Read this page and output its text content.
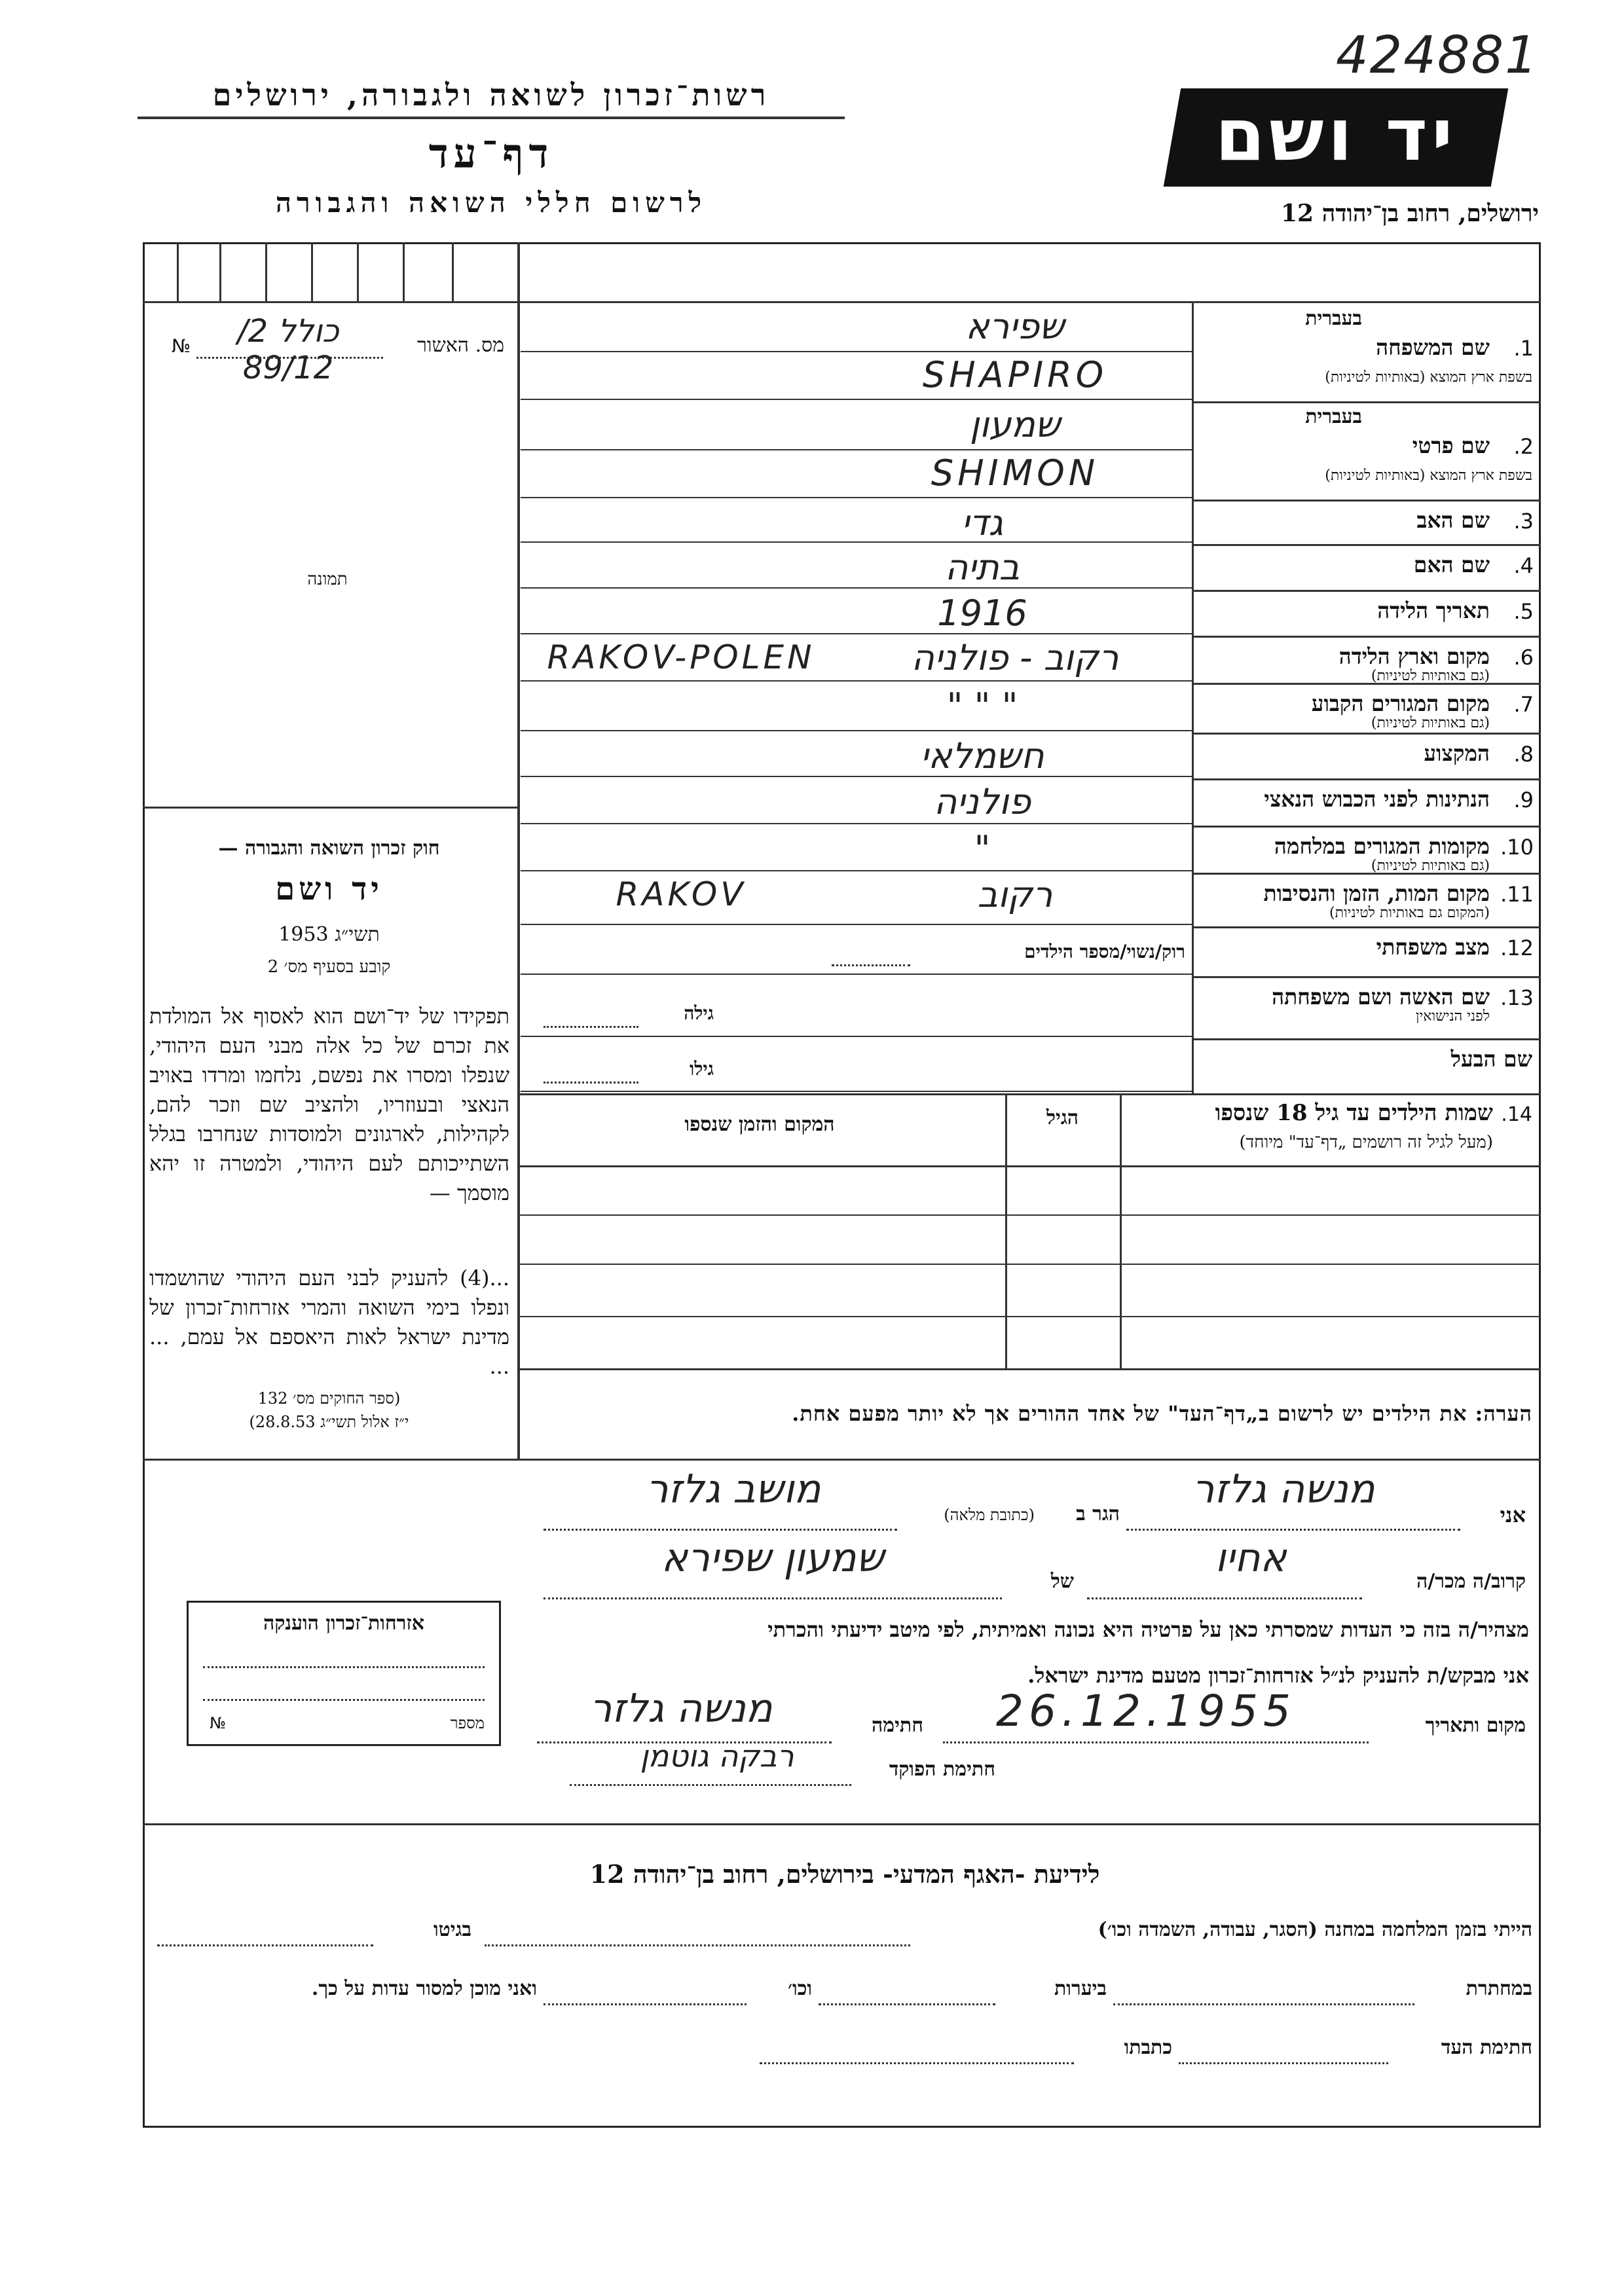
רשות־זכרון לשואה ולגבורה, ירושלים
דף־עד
לרשום חללי השואה והגבורה
יד ושם
424881
ירושלים, רחוב בן־יהודה 12
מס. האשור
№	כולל 2/ 89/12
תמונה
חוק זכרון השואה והגבורה —
יד ושם
תשי״ג 1953
קובע בסעיף מס׳ 2
תפקידו של יד־ושם הוא לאסוף אל המולדת את זכרם של כל אלה מבני העם היהודי, שנפלו ומסרו את נפשם, נלחמו ומרדו באויב הנאצי ובעוזריו, ולהציב שם וזכר להם, לקהילות, לארגונים ולמוסדות שנחרבו בגלל השתייכותם לעם היהודי, ולמטרה זו יהא מוסמך —
...(4) להעניק לבני העם היהודי שהושמדו ונפלו בימי השואה והמרי אזרחות־זכרון של מדינת ישראל לאות היאספם אל עמם, ... ...
(ספר החוקים מס׳ 132
י״ז אלול תשי״ג 28.8.53)
אזרחות־זכרון הוענקה
מספר
№
1.
בעברית
שם המשפחה
בשפת ארץ המוצא (באותיות לטיניות)
שפירא
SHAPIRO
2.
בעברית
שם פרטי
בשפת ארץ המוצא (באותיות לטיניות)
שמעון
SHIMON
3.
שם האב
גדי
4.
שם האם
בתיה
5.
תאריך הלידה
1916
6.
מקום וארץ הלידה
(גם באותיות לטיניות)
רקוב - פולניה
RAKOV-POLEN
7.
מקום המגורים הקבוע
(גם באותיות לטיניות)
" " "
8.
המקצוע
חשמלאי
9.
הנתינות לפני הכבוש הנאצי
פולניה
10.
מקומות המגורים במלחמה
(גם באותיות לטיניות)
"
11.
מקום המות, הזמן והנסיבות
(המקום גם באותיות לטיניות)
רקוב
RAKOV
12.
מצב משפחתי
רוק/נשוי/מספר הילדים
13.
שם האשה ושם משפחתה
לפני הנישואין
גילה
שם הבעל
גילו
14.
שמות הילדים עד גיל 18 שנספו
(מעל לגיל זה רושמים „דף־עד" מיוחד)
הגיל
המקום והזמן שנספו
הערה: את הילדים יש לרשום ב„דף־העד" של אחד ההורים אך לא יותר מפעם אחת.
אני
מנשה גלזר
הגר ב
מושב גלזר
(כתובת מלאה)
קרוב/ה מכר/ה
אחיו
של
שמעון שפירא
מצהיר/ה בזה כי העדות שמסרתי כאן על פרטיה היא נכונה ואמיתית, לפי מיטב ידיעתי והכרתי
אני מבקש/ת להעניק לנ״ל אזרחות־זכרון מטעם מדינת ישראל.
מקום ותאריך
26.12.1955
חתימה
מנשה גלזר
חתימת הפוקד
רבקה גוטמן
לידיעת -האגף המדעי- בירושלים, רחוב בן־יהודה 12
הייתי בזמן המלחמה במחנה (הסגר, עבודה, השמדה וכו׳)
בגיטו
במחתרת
ביערות
וכו׳
ואני מוכן למסור עדות על כך.
חתימת העד
כתבתו
